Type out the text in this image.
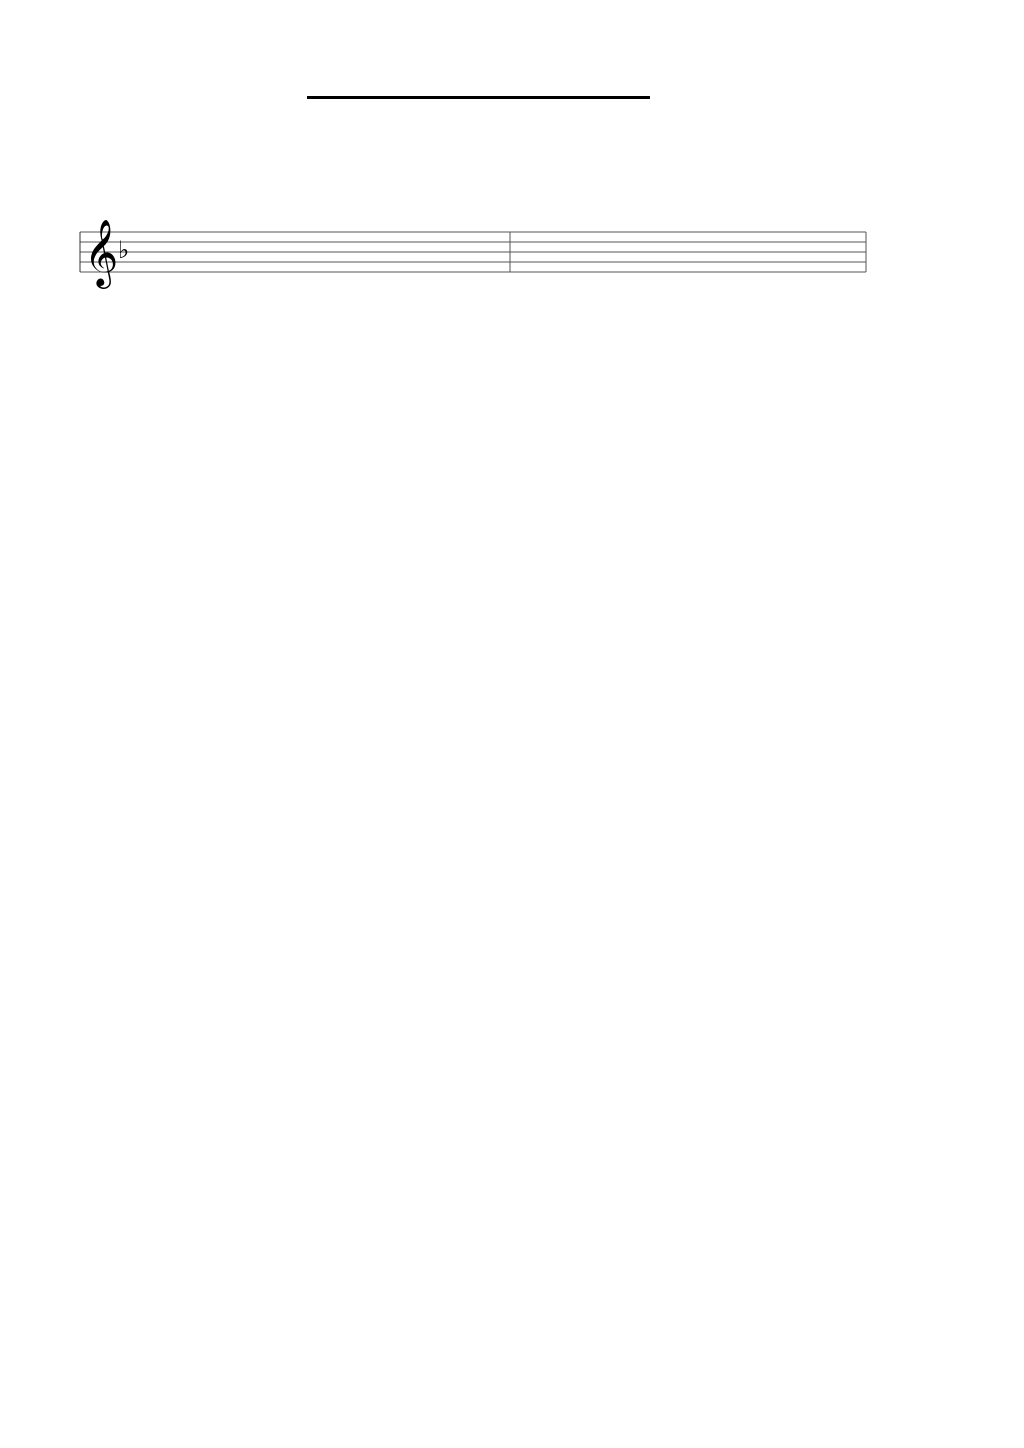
𝄞 ♭
